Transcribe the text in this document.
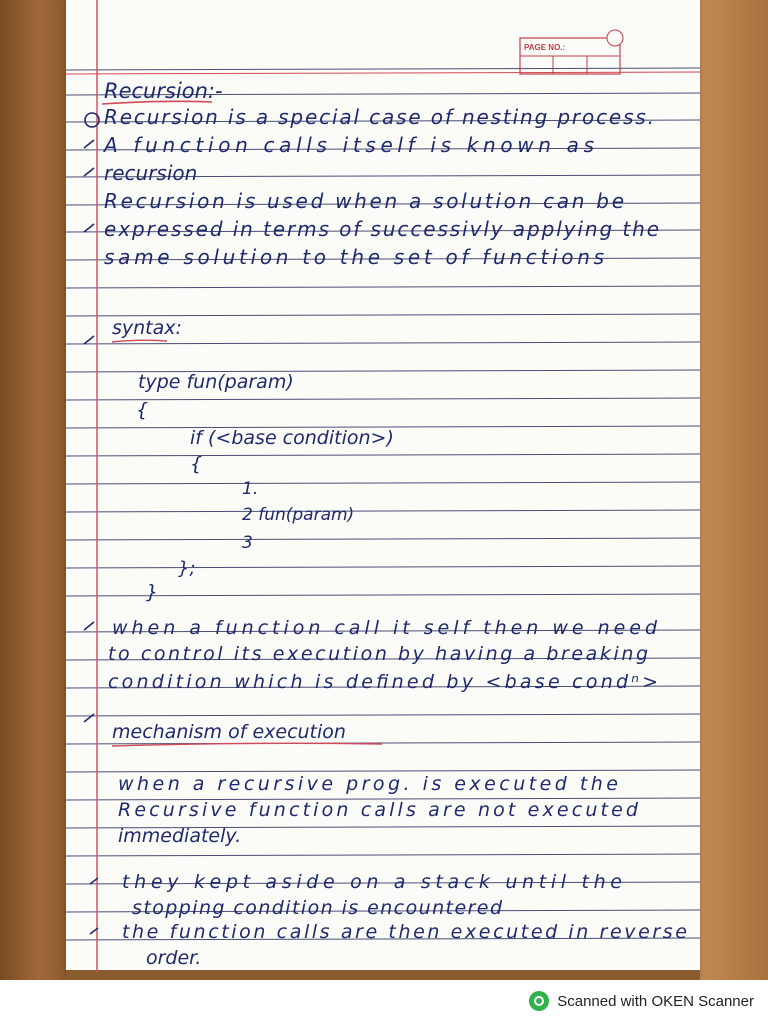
PAGE NO.:
Recursion:-
Recursion is a special case of nesting process.
A function calls itself is known as
recursion
Recursion is used when a solution can be
expressed in terms of successivly applying the
same solution to the set of functions
syntax:
type fun(param)
{
if (<base condition>)
{
1.
2 fun(param)
3
};
}
when a function call it self then we need
to control its execution by having a breaking
condition which is defined by <base condⁿ>
mechanism of execution
when a recursive prog. is executed the
Recursive function calls are not executed
immediately.
they kept aside on a stack until the
stopping condition is encountered
the function calls are then executed in reverse
order.
Scanned with OKEN Scanner
